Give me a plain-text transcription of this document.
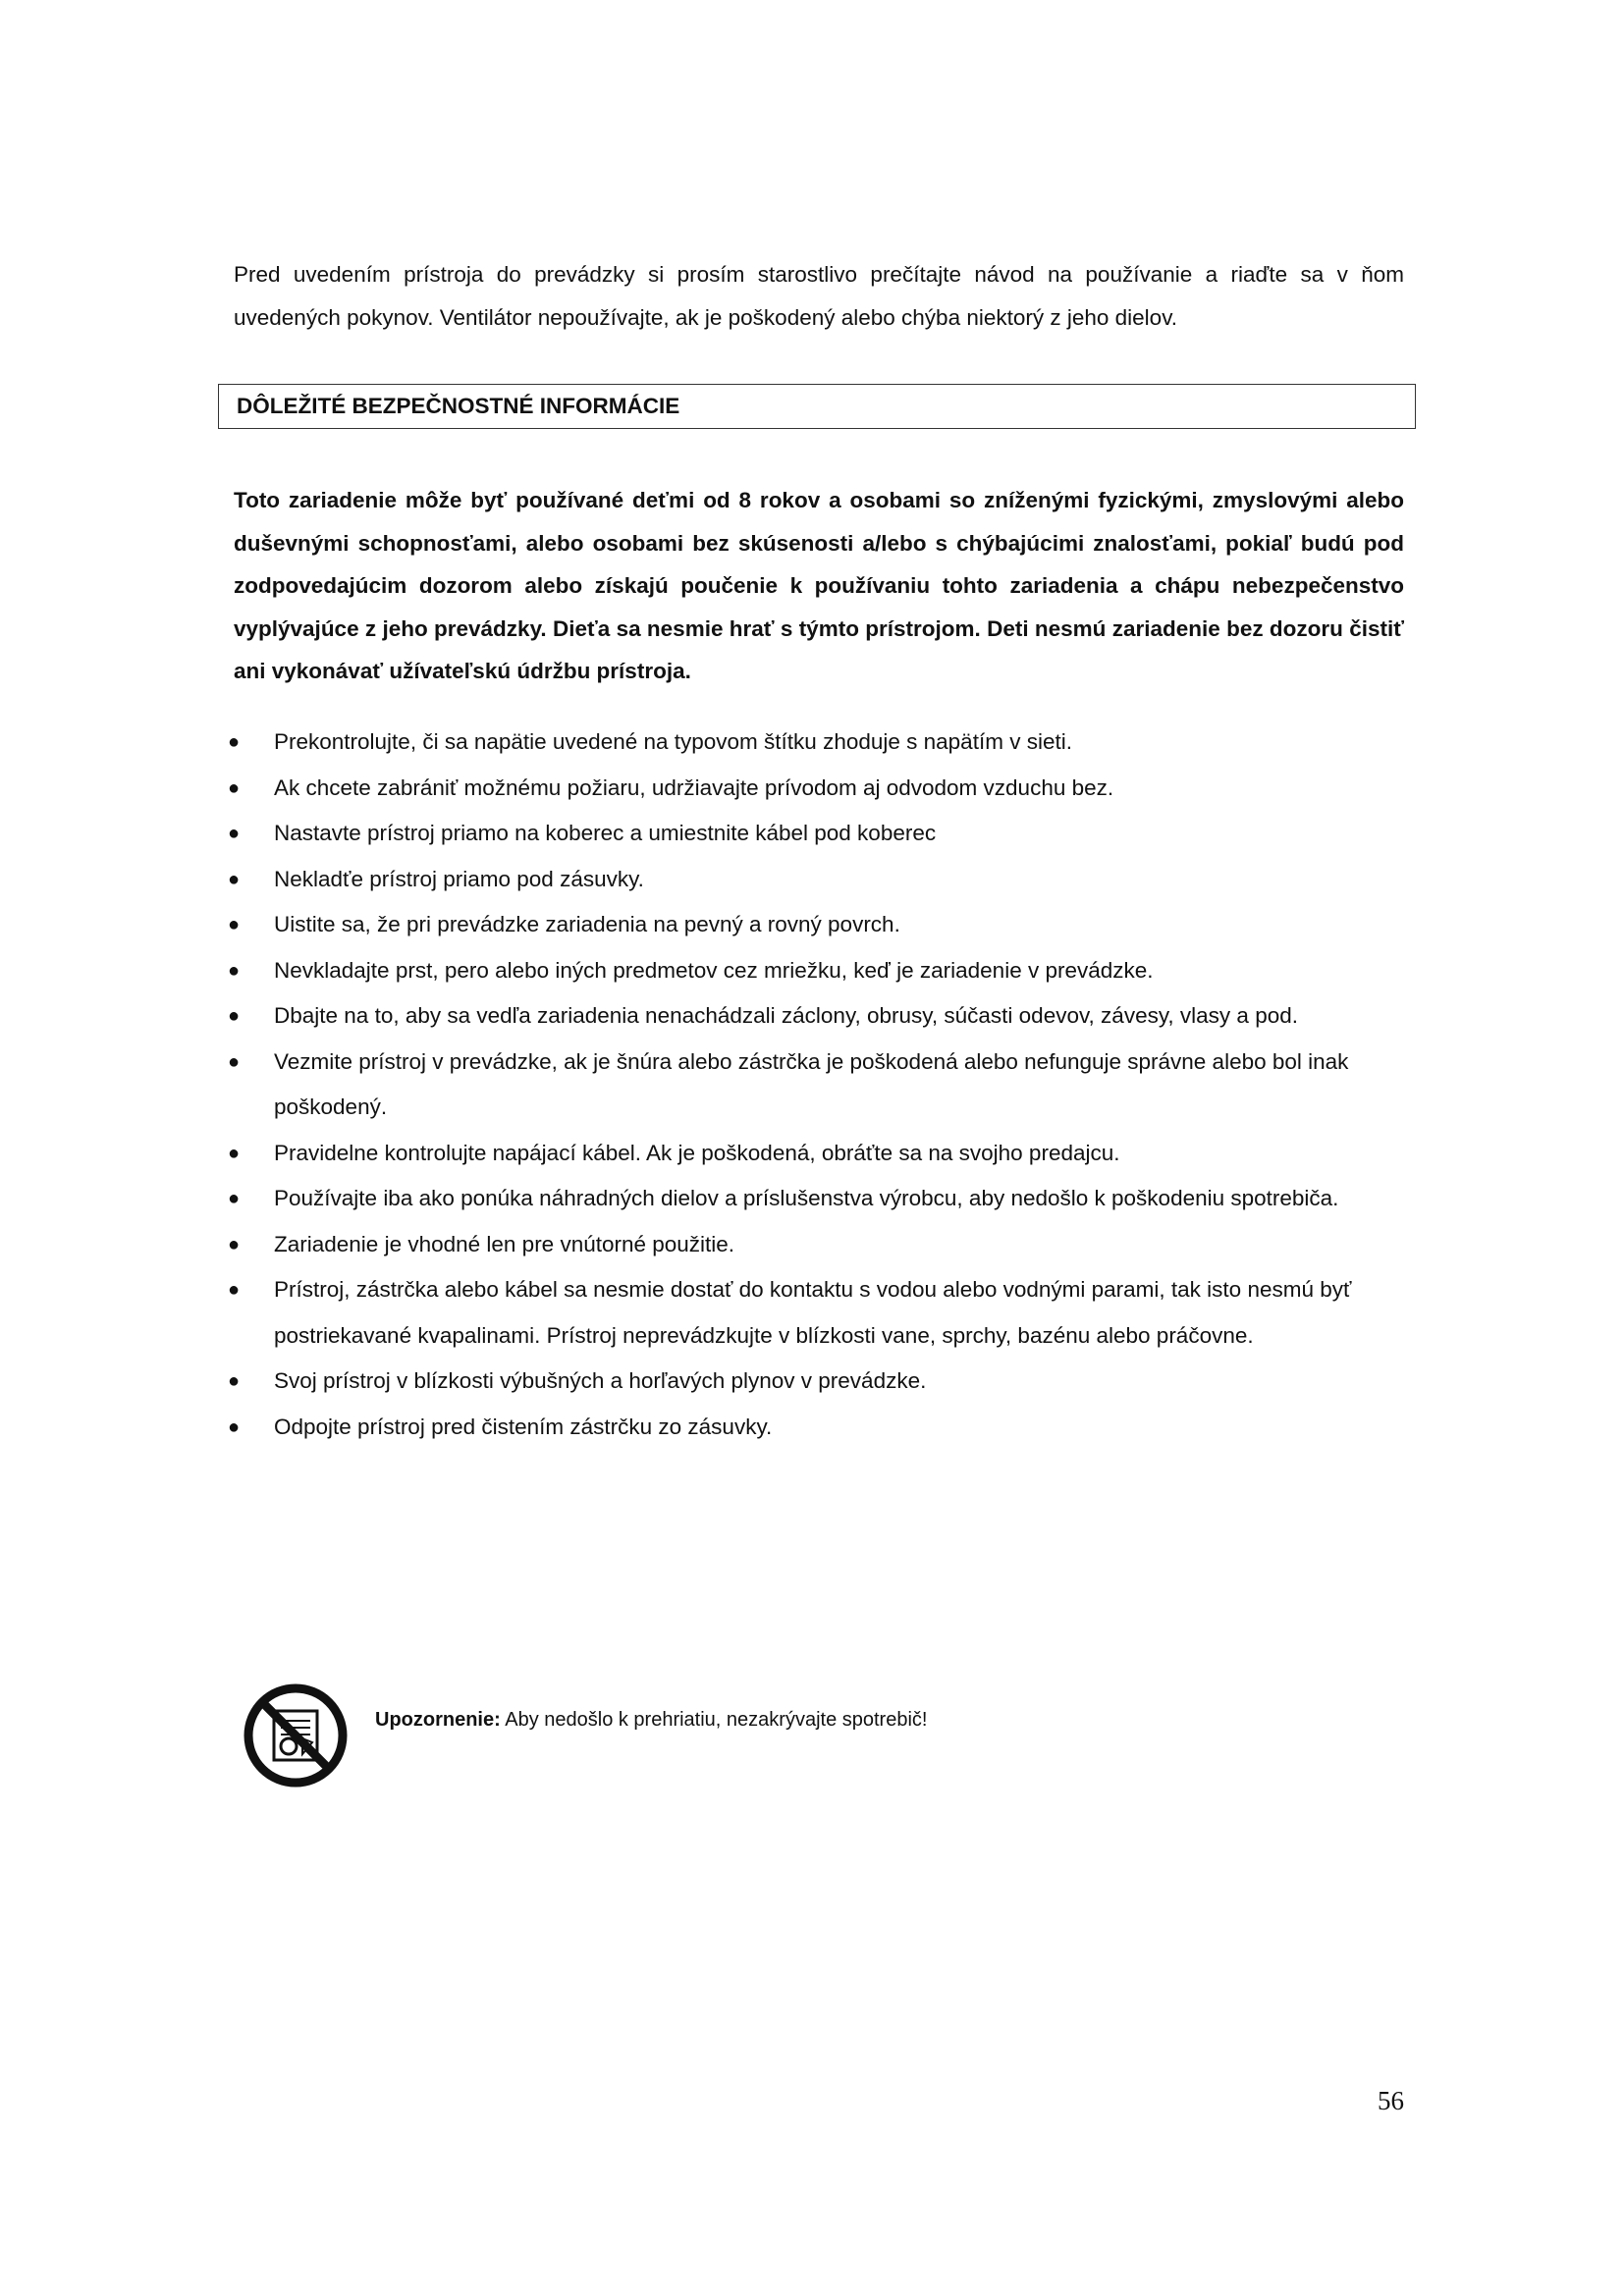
Pred uvedením prístroja do prevádzky si prosím starostlivo prečítajte návod na používanie a riaďte sa v ňom uvedených pokynov. Ventilátor nepoužívajte, ak je poškodený alebo chýba niektorý z jeho dielov.

DÔLEŽITÉ BEZPEČNOSTNÉ INFORMÁCIE

Toto zariadenie môže byť používané deťmi od 8 rokov a osobami so zníženými fyzickými, zmyslovými alebo duševnými schopnosťami, alebo osobami bez skúsenosti a/lebo s chýbajúcimi znalosťami, pokiaľ budú pod zodpovedajúcim dozorom alebo získajú poučenie k používaniu tohto zariadenia a chápu nebezpečenstvo vyplývajúce z jeho prevádzky. Dieťa sa nesmie hrať s týmto prístrojom. Deti nesmú zariadenie bez dozoru čistiť ani vykonávať užívateľskú údržbu prístroja.

● Prekontrolujte, či sa napätie uvedené na typovom štítku zhoduje s napätím v sieti.
● Ak chcete zabrániť možnému požiaru, udržiavajte prívodom aj odvodom vzduchu bez.
● Nastavte prístroj priamo na koberec a umiestnite kábel pod koberec
● Nekladťe prístroj priamo pod zásuvky.
● Uistite sa, že pri prevádzke zariadenia na pevný a rovný povrch.
● Nevkladajte prst, pero alebo iných predmetov cez mriežku, keď je zariadenie v prevádzke.
● Dbajte na to, aby sa vedľa zariadenia nenachádzali záclony, obrusy, súčasti odevov, závesy, vlasy a pod.
● Vezmite prístroj v prevádzke, ak je šnúra alebo zástrčka je poškodená alebo nefunguje správne alebo bol inak poškodený.
● Pravidelne kontrolujte napájací kábel. Ak je poškodená, obráťte sa na svojho predajcu.
● Používajte iba ako ponúka náhradných dielov a príslušenstva výrobcu, aby nedošlo k poškodeniu spotrebiča.
● Zariadenie je vhodné len pre vnútorné použitie.
● Prístroj, zástrčka alebo kábel sa nesmie dostať do kontaktu s vodou alebo vodnými parami, tak isto nesmú byť postriekavané kvapalinami. Prístroj neprevádzkujte v blízkosti vane, sprchy, bazénu alebo práčovne.
● Svoj prístroj v blízkosti výbušných a horľavých plynov v prevádzke.
● Odpojte prístroj pred čistením zástrčku zo zásuvky.
Upozornenie: Aby nedošlo k prehriatiu, nezakrývajte spotrebič!
56
